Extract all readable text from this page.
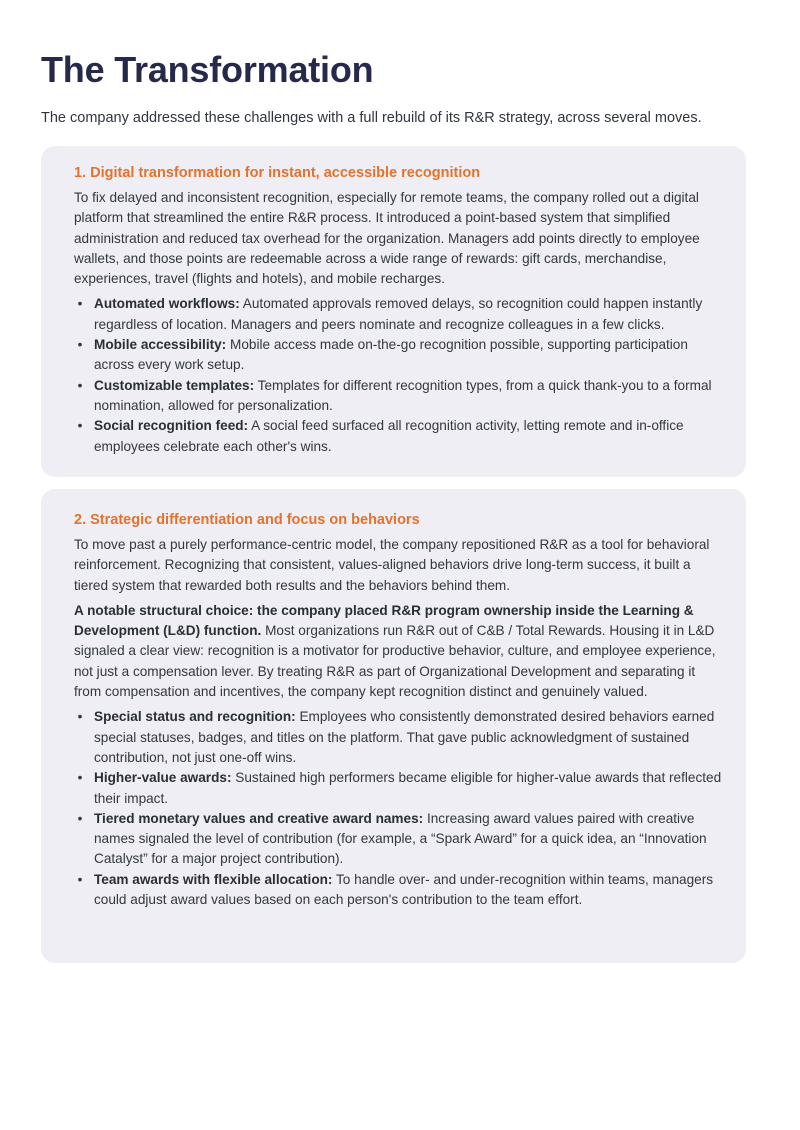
The Transformation

The company addressed these challenges with a full rebuild of its R&R strategy, across several moves.

1. Digital transformation for instant, accessible recognition

To fix delayed and inconsistent recognition, especially for remote teams, the company rolled out a digital platform that streamlined the entire R&R process. It introduced a point-based system that simplified administration and reduced tax overhead for the organization. Managers add points directly to employee wallets, and those points are redeemable across a wide range of rewards: gift cards, merchandise, experiences, travel (flights and hotels), and mobile recharges.

• Automated workflows: Automated approvals removed delays, so recognition could happen instantly regardless of location. Managers and peers nominate and recognize colleagues in a few clicks.
• Mobile accessibility: Mobile access made on-the-go recognition possible, supporting participation across every work setup.
• Customizable templates: Templates for different recognition types, from a quick thank-you to a formal nomination, allowed for personalization.
• Social recognition feed: A social feed surfaced all recognition activity, letting remote and in-office employees celebrate each other's wins.
2. Strategic differentiation and focus on behaviors

To move past a purely performance-centric model, the company repositioned R&R as a tool for behavioral reinforcement. Recognizing that consistent, values-aligned behaviors drive long-term success, it built a tiered system that rewarded both results and the behaviors behind them.

A notable structural choice: the company placed R&R program ownership inside the Learning & Development (L&D) function. Most organizations run R&R out of C&B / Total Rewards. Housing it in L&D signaled a clear view: recognition is a motivator for productive behavior, culture, and employee experience, not just a compensation lever. By treating R&R as part of Organizational Development and separating it from compensation and incentives, the company kept recognition distinct and genuinely valued.

• Special status and recognition: Employees who consistently demonstrated desired behaviors earned special statuses, badges, and titles on the platform. That gave public acknowledgment of sustained contribution, not just one-off wins.
• Higher-value awards: Sustained high performers became eligible for higher-value awards that reflected their impact.
• Tiered monetary values and creative award names: Increasing award values paired with creative names signaled the level of contribution (for example, a “Spark Award” for a quick idea, an “Innovation Catalyst” for a major project contribution).
• Team awards with flexible allocation: To handle over- and under-recognition within teams, managers could adjust award values based on each person's contribution to the team effort.
